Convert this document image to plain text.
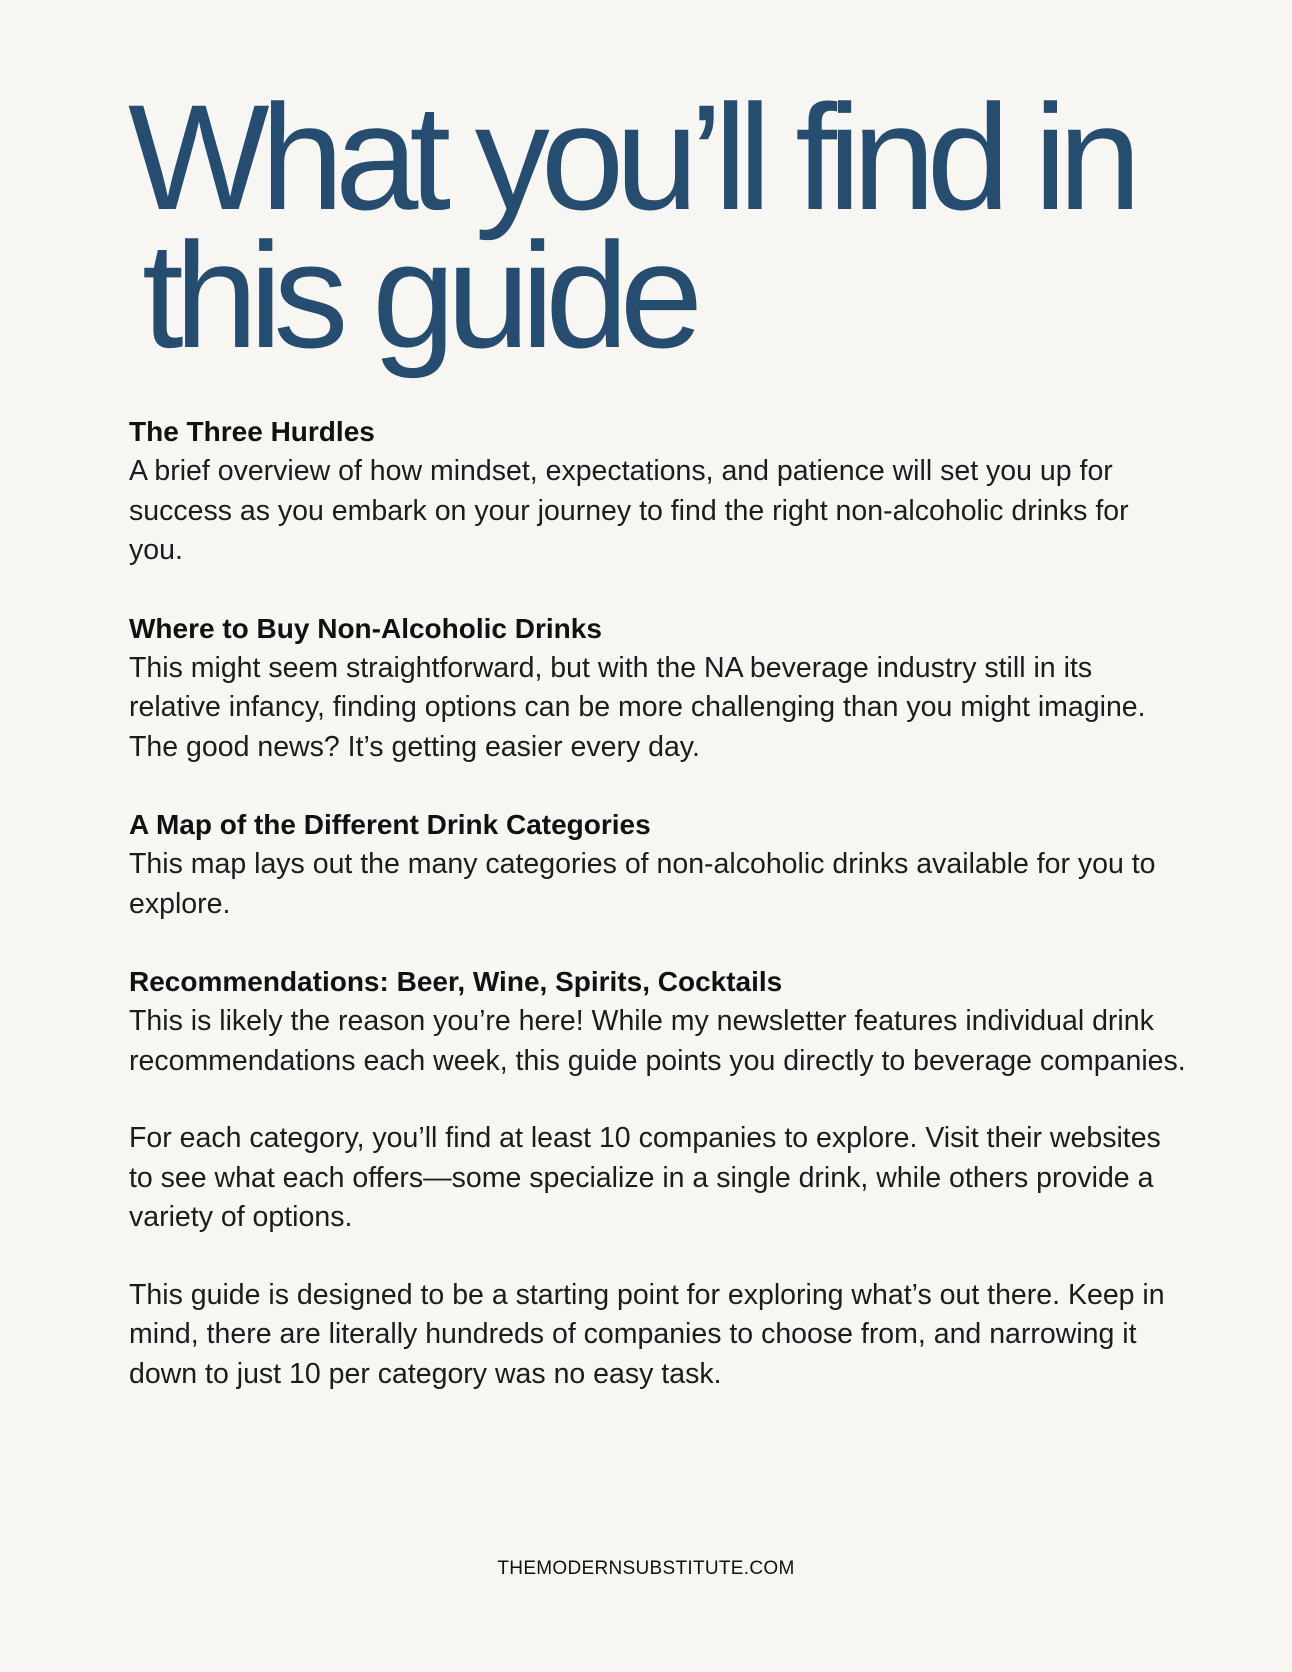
What you’ll find in
this guide
The Three Hurdles

A brief overview of how mindset, expectations, and patience will set you up for success as you embark on your journey to find the right non-alcoholic drinks for you.

Where to Buy Non-Alcoholic Drinks

This might seem straightforward, but with the NA beverage industry still in its relative infancy, finding options can be more challenging than you might imagine. The good news? It’s getting easier every day.

A Map of the Different Drink Categories

This map lays out the many categories of non-alcoholic drinks available for you to explore.

Recommendations: Beer, Wine, Spirits, Cocktails

This is likely the reason you’re here! While my newsletter features individual drink recommendations each week, this guide points you directly to beverage companies.

For each category, you’ll find at least 10 companies to explore. Visit their websites to see what each offers—some specialize in a single drink, while others provide a variety of options.

This guide is designed to be a starting point for exploring what’s out there. Keep in mind, there are literally hundreds of companies to choose from, and narrowing it down to just 10 per category was no easy task.

THEMODERNSUBSTITUTE.COM
